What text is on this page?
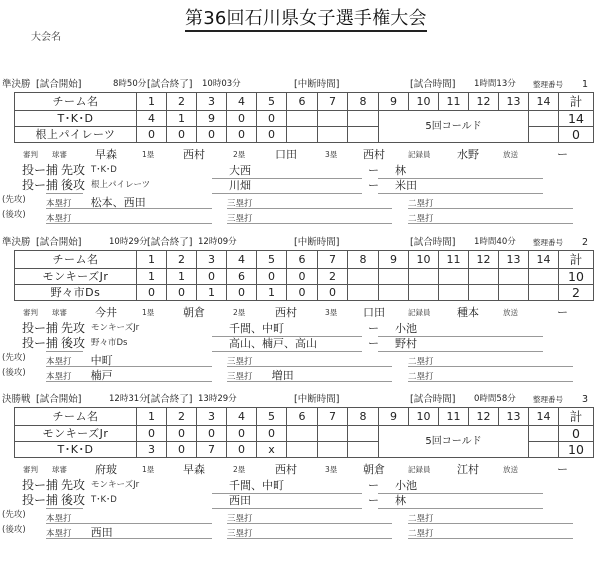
第36回石川県女子選手権大会
大会名
準決勝 [試合開始]	8時50分 [試合終了] 10時03分	[中断時間]	[試合時間] 1時間13分 整理番号 1
チーム名	1	2	3	4	5	6	7	8	9	10	11	12	13	14	計
T･K･D	4	1	9	0	0				5回コールド						14
根上パイレーツ	0	0	0	0	0										0
審判 球審	早森	1塁	西村	2塁	口田	3塁 西村	記録員 水野	放送	ー
投ー捕 先攻 T･K･D	大西	ー	林
投ー捕 後攻 根上パイレーツ	川畑	ー	米田
(先攻) 本塁打 松本、西田	三塁打	二塁打
(後攻) 本塁打	三塁打	二塁打
準決勝 [試合開始]	10時29分 [試合終了] 12時09分	[中断時間]	[試合時間] 1時間40分 整理番号 2
チーム名	1	2	3	4	5	6	7	8	9	10	11	12	13	14	計
モンキーズJr	1	1	0	6	0	0	2								10
野々市Ds	0	0	1	0	1	0	0								2
審判 球審	今井	1塁	朝倉	2塁	西村	3塁 口田	記録員 種本	放送	ー
投ー捕 先攻 モンキーズJr	千間、中町	ー	小池
投ー捕 後攻 野々市Ds	高山、楠戸、高山	ー	野村
(先攻) 本塁打 中町	三塁打	二塁打
(後攻) 本塁打 楠戸	三塁打 増田	二塁打
決勝戦 [試合開始]	12時31分 [試合終了] 13時29分	[中断時間]	[試合時間] 0時間58分 整理番号 3
チーム名	1	2	3	4	5	6	7	8	9	10	11	12	13	14	計
モンキーズJr	0	0	0	0	0				5回コールド						0
T･K･D	3	0	7	0	x										10
審判 球審	府玻	1塁	早森	2塁	西村	3塁 朝倉	記録員 江村	放送	ー
投ー捕 先攻 モンキーズJr	千間、中町	ー	小池
投ー捕 後攻 T･K･D	西田	ー	林
(先攻) 本塁打	三塁打	二塁打
(後攻) 本塁打 西田	三塁打	二塁打
